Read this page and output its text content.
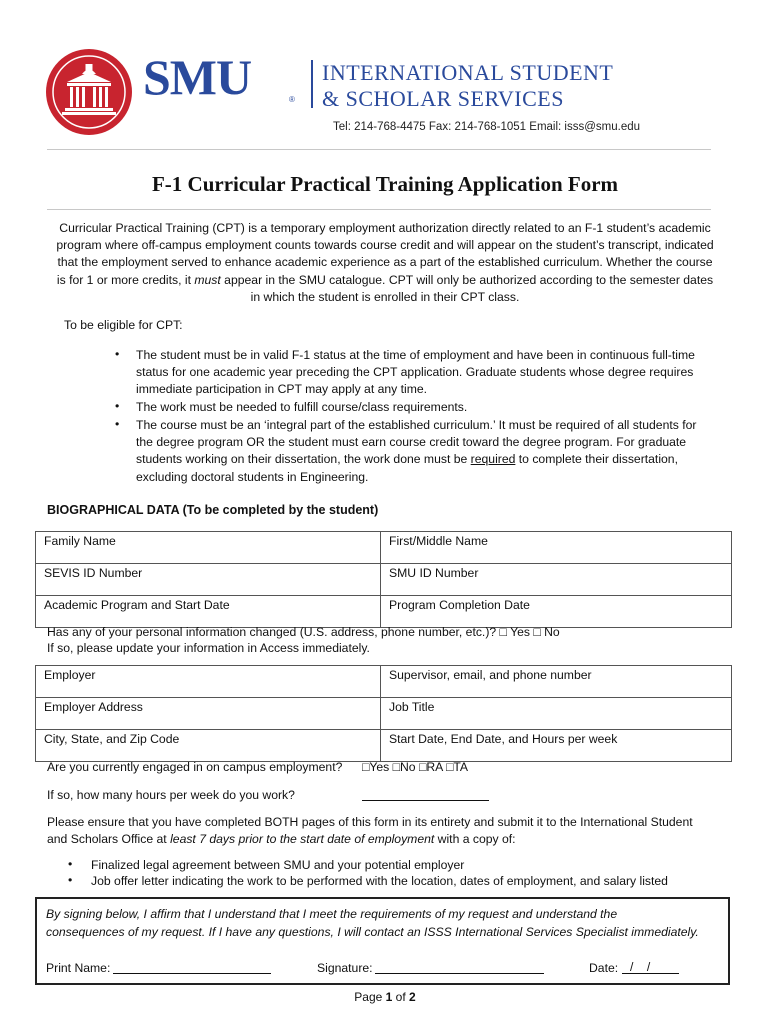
SMU	®
INTERNATIONAL STUDENT
& SCHOLAR SERVICES
Tel: 214-768-4475 Fax: 214-768-1051 Email: isss@smu.edu
F-1 Curricular Practical Training Application Form
Curricular Practical Training (CPT) is a temporary employment authorization directly related to an F-1 student’s academic
program where off-campus employment counts towards course credit and will appear on the student’s transcript, indicated
that the employment served to enhance academic experience as a part of the established curriculum. Whether the course
is for 1 or more credits, it must appear in the SMU catalogue. CPT will only be authorized according to the semester dates
in which the student is enrolled in their CPT class.
To be eligible for CPT:
• The student must be in valid F-1 status at the time of employment and have been in continuous full-time
status for one academic year preceding the CPT application. Graduate students whose degree requires
immediate participation in CPT may apply at any time.
• The work must be needed to fulfill course/class requirements.
• The course must be an ‘integral part of the established curriculum.’ It must be required of all students for
the degree program OR the student must earn course credit toward the degree program. For graduate
students working on their dissertation, the work done must be required to complete their dissertation,
excluding doctoral students in Engineering.
BIOGRAPHICAL DATA (To be completed by the student)
Family Name	First/Middle Name
SEVIS ID Number	SMU ID Number
Academic Program and Start Date	Program Completion Date
Has any of your personal information changed (U.S. address, phone number, etc.)? □ Yes □ No
If so, please update your information in Access immediately.
Employer	Supervisor, email, and phone number
Employer Address	Job Title
City, State, and Zip Code	Start Date, End Date, and Hours per week
Are you currently engaged in on campus employment? □Yes □No □RA □TA
If so, how many hours per week do you work?
Please ensure that you have completed BOTH pages of this form in its entirety and submit it to the International Student
and Scholars Office at least 7 days prior to the start date of employment with a copy of:
• Finalized legal agreement between SMU and your potential employer
• Job offer letter indicating the work to be performed with the location, dates of employment, and salary listed
By signing below, I affirm that I understand that I meet the requirements of my request and understand the
consequences of my request. If I have any questions, I will contact an ISSS International Services Specialist immediately.
Print Name:	Signature:	Date: /    /
Page 1 of 2
